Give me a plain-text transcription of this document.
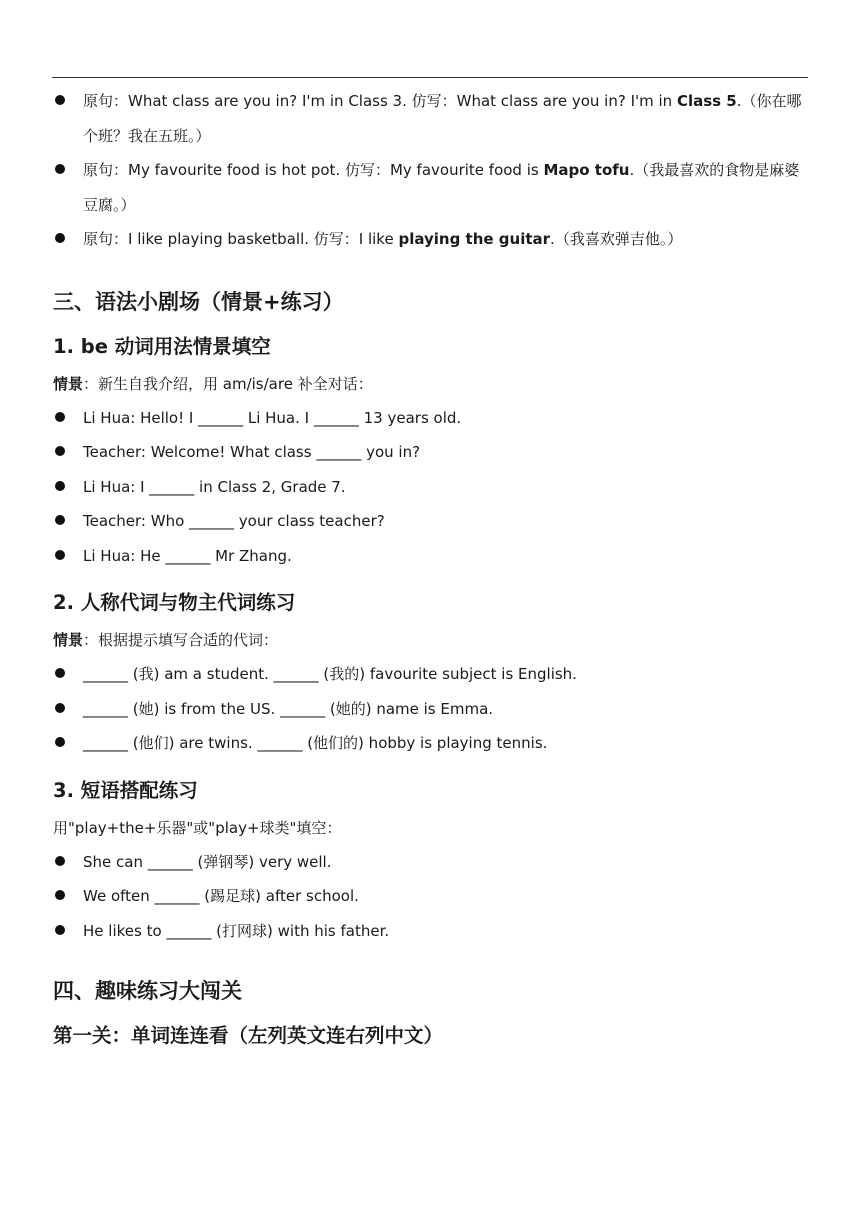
原句：What class are you in? I'm in Class 3. 仿写：What class are you in? I'm in Class 5.（你在哪个班？我在五班。）
原句：My favourite food is hot pot. 仿写：My favourite food is Mapo tofu.（我最喜欢的食物是麻婆豆腐。）
原句：I like playing basketball. 仿写：I like playing the guitar.（我喜欢弹吉他。）
三、语法小剧场（情景+练习）
1. be 动词用法情景填空

情景：新生自我介绍，用 am/is/are 补全对话：

Li Hua: Hello! I ______ Li Hua. I ______ 13 years old.
Teacher: Welcome! What class ______ you in?
Li Hua: I ______ in Class 2, Grade 7.
Teacher: Who ______ your class teacher?
Li Hua: He ______ Mr Zhang.
2. 人称代词与物主代词练习

情景：根据提示填写合适的代词：

______ (我) am a student. ______ (我的) favourite subject is English.
______ (她) is from the US. ______ (她的) name is Emma.
______ (他们) are twins. ______ (他们的) hobby is playing tennis.
3. 短语搭配练习

用"play+the+乐器"或"play+球类"填空：

She can ______ (弹钢琴) very well.
We often ______ (踢足球) after school.
He likes to ______ (打网球) with his father.
四、趣味练习大闯关
第一关：单词连连看（左列英文连右列中文）
